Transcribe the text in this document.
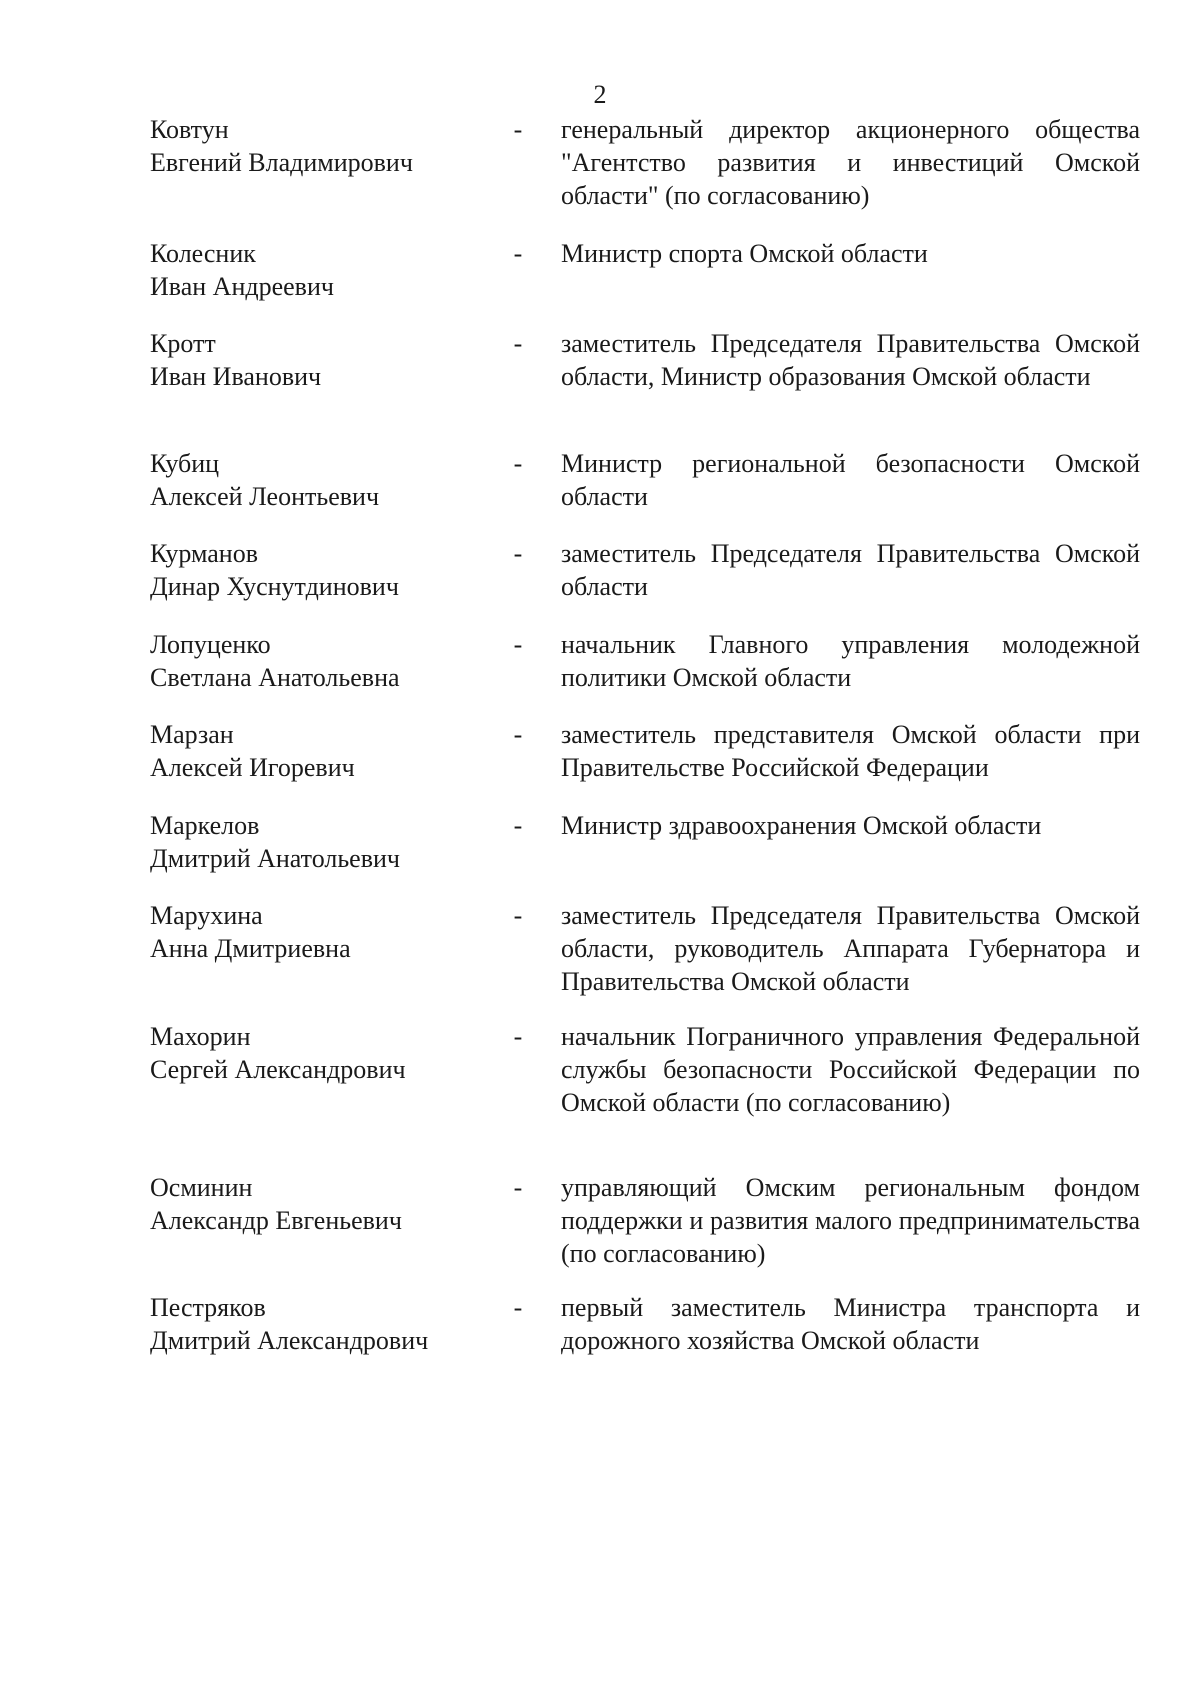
2
Ковтун
Евгений Владимирович
-	генеральный директор акционерного общества "Агентство развития и инвестиций Омской области" (по согласованию)
Колесник
Иван Андреевич
-	Министр спорта Омской области
Кротт
Иван Иванович
-	заместитель Председателя Правительства Омской области, Министр образования Омской области
Кубиц
Алексей Леонтьевич
-	Министр региональной безопасности Омской области
Курманов
Динар Хуснутдинович
-	заместитель Председателя Правительства Омской области
Лопуценко
Светлана Анатольевна
-	начальник Главного управления молодежной политики Омской области
Марзан
Алексей Игоревич
-	заместитель представителя Омской области при Правительстве Российской Федерации
Маркелов
Дмитрий Анатольевич
-	Министр здравоохранения Омской области
Марухина
Анна Дмитриевна
-	заместитель Председателя Правительства Омской области, руководитель Аппарата Губернатора и Правительства Омской области
Махорин
Сергей Александрович
-	начальник Пограничного управления Федеральной службы безопасности Российской Федерации по Омской области (по согласованию)
Осминин
Александр Евгеньевич
-	управляющий Омским региональным фондом поддержки и развития малого предпринимательства (по согласованию)
Пестряков
Дмитрий Александрович
-	первый заместитель Министра транспорта и дорожного хозяйства Омской области
